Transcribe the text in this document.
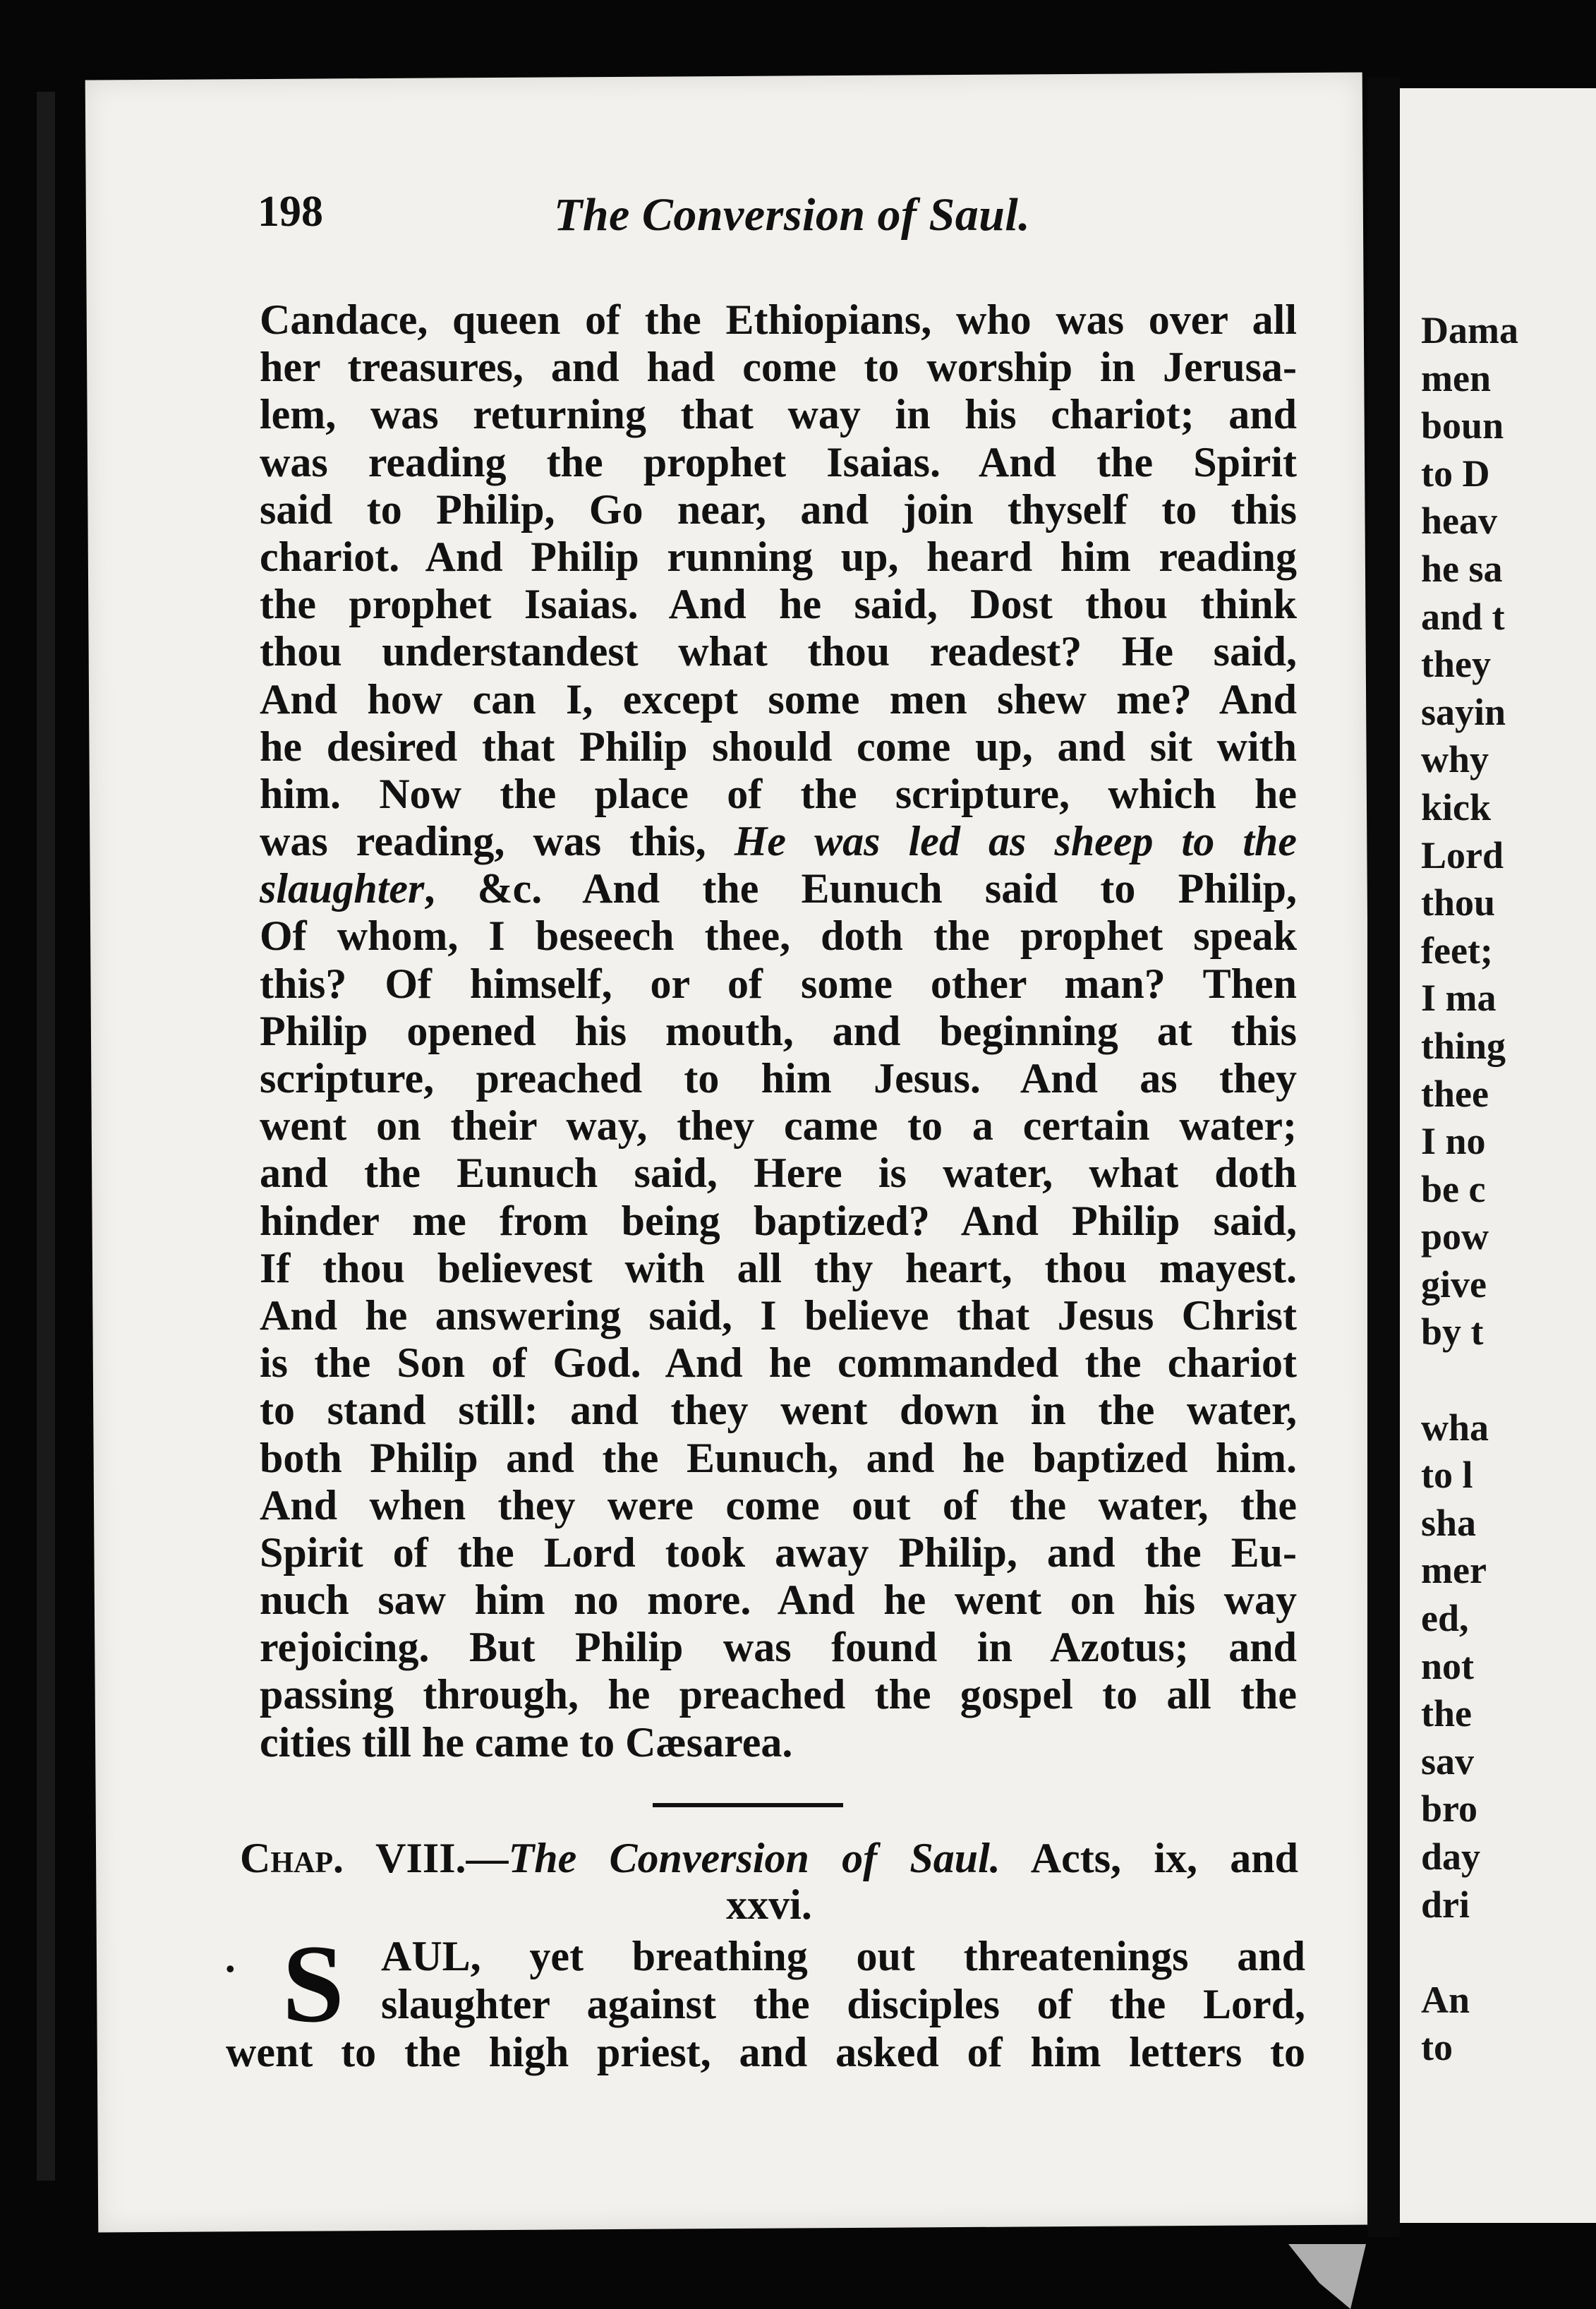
Dama
men
boun
to D
heav
he sa
and t
they
sayin
why
kick
Lord
thou
feet;
I ma
thing
thee
I no
be c
pow
give
by t

wha
to l
sha
mer
ed,
not
the
sav
bro
day
dri

An
to
198	The Conversion of Saul.
Candace, queen of the Ethiopians, who was over all
her treasures, and had come to worship in Jerusa-
lem, was returning that way in his chariot; and
was reading the prophet Isaias. And the Spirit
said to Philip, Go near, and join thyself to this
chariot. And Philip running up, heard him reading
the prophet Isaias. And he said, Dost thou think
thou understandest what thou readest? He said,
And how can I, except some men shew me? And
he desired that Philip should come up, and sit with
him. Now the place of the scripture, which he
was reading, was this, He was led as sheep to the
slaughter, &c. And the Eunuch said to Philip,
Of whom, I beseech thee, doth the prophet speak
this? Of himself, or of some other man? Then
Philip opened his mouth, and beginning at this
scripture, preached to him Jesus. And as they
went on their way, they came to a certain water;
and the Eunuch said, Here is water, what doth
hinder me from being baptized? And Philip said,
If thou believest with all thy heart, thou mayest.
And he answering said, I believe that Jesus Christ
is the Son of God. And he commanded the chariot
to stand still: and they went down in the water,
both Philip and the Eunuch, and he baptized him.
And when they were come out of the water, the
Spirit of the Lord took away Philip, and the Eu-
nuch saw him no more. And he went on his way
rejoicing. But Philip was found in Azotus; and
passing through, he preached the gospel to all the
cities till he came to Cæsarea.
Chap. VIII.—The Conversion of Saul. Acts, ix, and
xxvi.
• S AUL, yet breathing out threatenings and
slaughter against the disciples of the Lord,
went to the high priest, and asked of him letters to
